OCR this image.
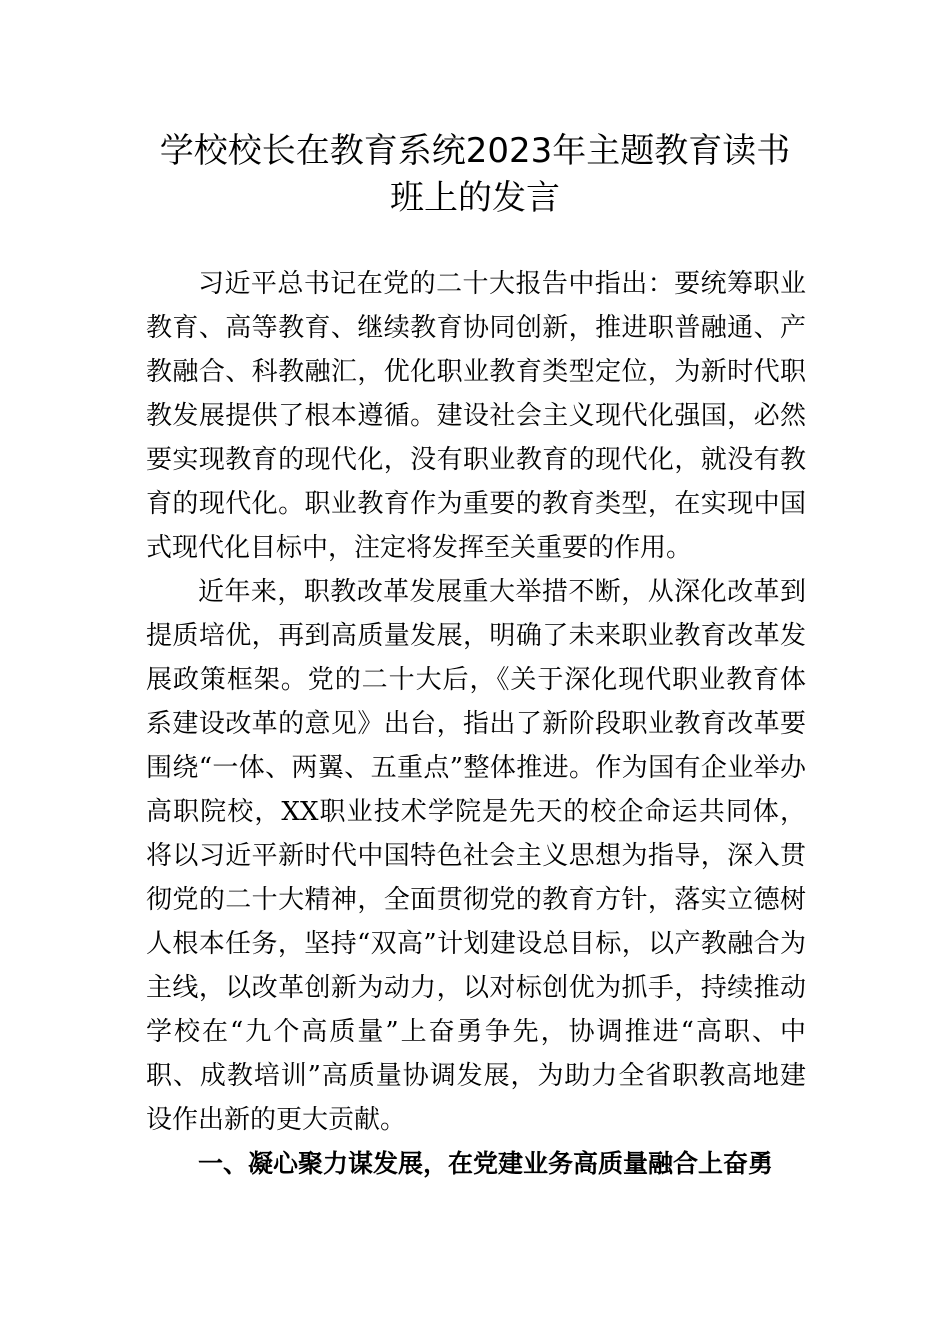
学校校长在教育系统2023年主题教育读书
班上的发言

习近平总书记在党的二十大报告中指出：要统筹职业教育、高等教育、继续教育协同创新，推进职普融通、产教融合、科教融汇，优化职业教育类型定位，为新时代职教发展提供了根本遵循。建设社会主义现代化强国，必然要实现教育的现代化，没有职业教育的现代化，就没有教育的现代化。职业教育作为重要的教育类型，在实现中国式现代化目标中，注定将发挥至关重要的作用。

近年来，职教改革发展重大举措不断，从深化改革到提质培优，再到高质量发展，明确了未来职业教育改革发展政策框架。党的二十大后，《关于深化现代职业教育体系建设改革的意见》出台，指出了新阶段职业教育改革要围绕“一体、两翼、五重点”整体推进。作为国有企业举办高职院校，XX职业技术学院是先天的校企命运共同体，将以习近平新时代中国特色社会主义思想为指导，深入贯彻党的二十大精神，全面贯彻党的教育方针，落实立德树人根本任务，坚持“双高”计划建设总目标，以产教融合为主线，以改革创新为动力，以对标创优为抓手，持续推动学校在“九个高质量”上奋勇争先，协调推进“高职、中职、成教培训”高质量协调发展，为助力全省职教高地建设作出新的更大贡献。

一、凝心聚力谋发展，在党建业务高质量融合上奋勇
